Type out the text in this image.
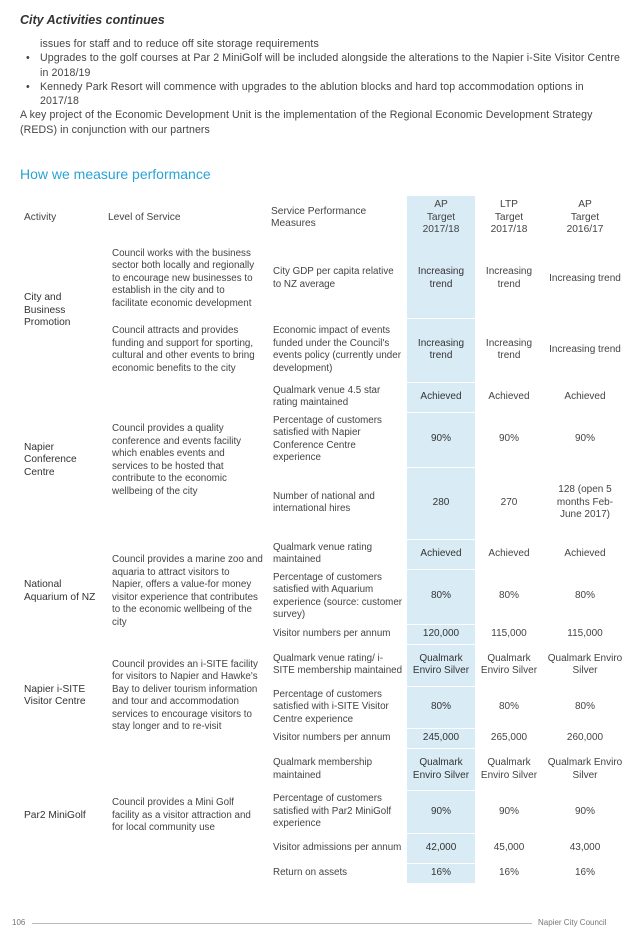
City Activities continues
issues for staff and to reduce off site storage requirements
• Upgrades to the golf courses at Par 2 MiniGolf will be included alongside the alterations to the Napier i-Site Visitor Centre in 2018/19
• Kennedy Park Resort will commence with upgrades to the ablution blocks and hard top accommodation options in 2017/18

A key project of the Economic Development Unit is the implementation of the Regional Economic Development Strategy (REDS) in conjunction with our partners

How we measure performance
Activity	Level of Service	Service Performance Measures	AP
Target
2017/18	LTP
Target
2017/18	AP
Target
2016/17
City and Business Promotion	Council works with the business sector both locally and regionally to encourage new businesses to establish in the city and to facilitate economic development	City GDP per capita relative to NZ average	Increasing trend	Increasing trend	Increasing trend
	Council attracts and provides funding and support for sporting, cultural and other events to bring economic benefits to the city	Economic impact of events funded under the Council's events policy (currently under development)	Increasing trend	Increasing trend	Increasing trend
Napier Conference Centre	Council provides a quality conference and events facility which enables events and services to be hosted that contribute to the economic wellbeing of the city	Qualmark venue 4.5 star rating maintained	Achieved	Achieved	Achieved
		Percentage of customers satisfied with Napier Conference Centre experience	90%	90%	90%
		Number of national and international hires	280	270	128 (open 5 months Feb-June 2017)
National Aquarium of NZ	Council provides a marine zoo and aquaria to attract visitors to Napier, offers a value-for money visitor experience that contributes to the economic wellbeing of the city	Qualmark venue rating maintained	Achieved	Achieved	Achieved
		Percentage of customers satisfied with Aquarium experience (source: customer survey)	80%	80%	80%
		Visitor numbers per annum	120,000	115,000	115,000
Napier i-SITE Visitor Centre	Council provides an i-SITE facility for visitors to Napier and Hawke's Bay to deliver tourism information and tour and accommodation services to encourage visitors to stay longer and to re-visit	Qualmark venue rating/ i-SITE membership maintained	Qualmark Enviro Silver	Qualmark Enviro Silver	Qualmark Enviro Silver
		Percentage of customers satisfied with i-SITE Visitor Centre experience	80%	80%	80%
		Visitor numbers per annum	245,000	265,000	260,000
Par2 MiniGolf	Council provides a Mini Golf facility as a visitor attraction and for local community use	Qualmark membership maintained	Qualmark Enviro Silver	Qualmark Enviro Silver	Qualmark Enviro Silver
		Percentage of customers satisfied with Par2 MiniGolf experience	90%	90%	90%
		Visitor admissions per annum	42,000	45,000	43,000
		Return on assets	16%	16%	16%
106	Napier City Council
